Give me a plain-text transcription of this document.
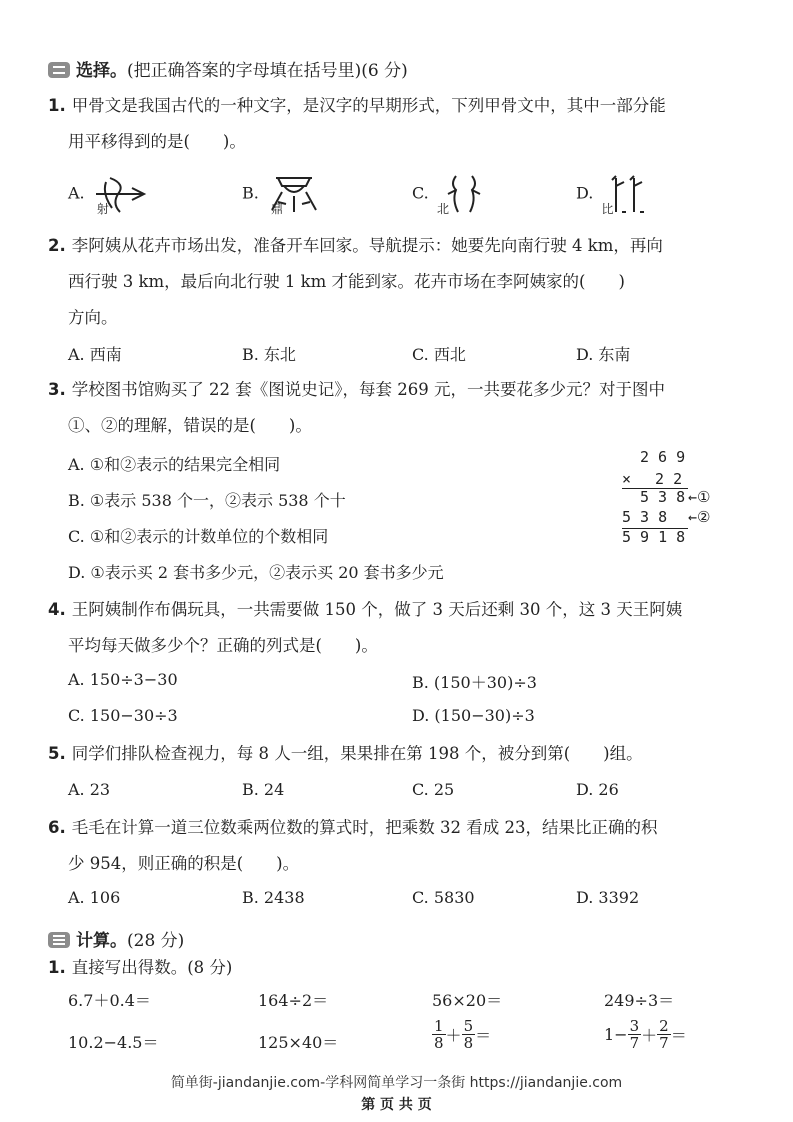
选择。(把正确答案的字母填在括号里)(6 分)
1. 甲骨文是我国古代的一种文字，是汉字的早期形式，下列甲骨文中，其中一部分能
用平移得到的是(　　)。
A.  $_射$
B.  $_鼎$
C.  $_北$
D.  $_比$
2. 李阿姨从花卉市场出发，准备开车回家。导航提示：她要先向南行驶 4 km，再向
西行驶 3 km，最后向北行驶 1 km 才能到家。花卉市场在李阿姨家的(　　)
方向。
A. 西南	B. 东北	C. 西北	D. 东南
3. 学校图书馆购买了 22 套《图说史记》，每套 269 元，一共要花多少元？对于图中
①、②的理解，错误的是(　　)。
A. ①和②表示的结果完全相同
B. ①表示 538 个一，②表示 538 个十
C. ①和②表示的计数单位的个数相同
D. ①表示买 2 套书多少元，②表示买 20 套书多少元
2 6 9
× 　2 2
5 3 8 ←①
5 3 8 ←②
5 9 1 8
4. 王阿姨制作布偶玩具，一共需要做 150 个，做了 3 天后还剩 30 个，这 3 天王阿姨
平均每天做多少个？正确的列式是(　　)。
A. 150÷3−30	B. (150＋30)÷3
C. 150−30÷3	D. (150−30)÷3
5. 同学们排队检查视力，每 8 人一组，果果排在第 198 个，被分到第(　　)组。
A. 23	B. 24	C. 25	D. 26
6. 毛毛在计算一道三位数乘两位数的算式时，把乘数 32 看成 23，结果比正确的积
少 954，则正确的积是(　　)。
A. 106	B. 2438	C. 5830	D. 3392
计算。(28 分)
1. 直接写出得数。(8 分)
6.7＋0.4＝	164÷2＝	56×20＝	249÷3＝
10.2−4.5＝	125×40＝	$\frac{1}{8} + \frac{5}{8}$ ＝	$1- \frac{3}{7} + \frac{2}{7}$ ＝
简单街-jiandanjie.com-学科网简单学习一条街 https://jiandanjie.com
第 页 共 页
